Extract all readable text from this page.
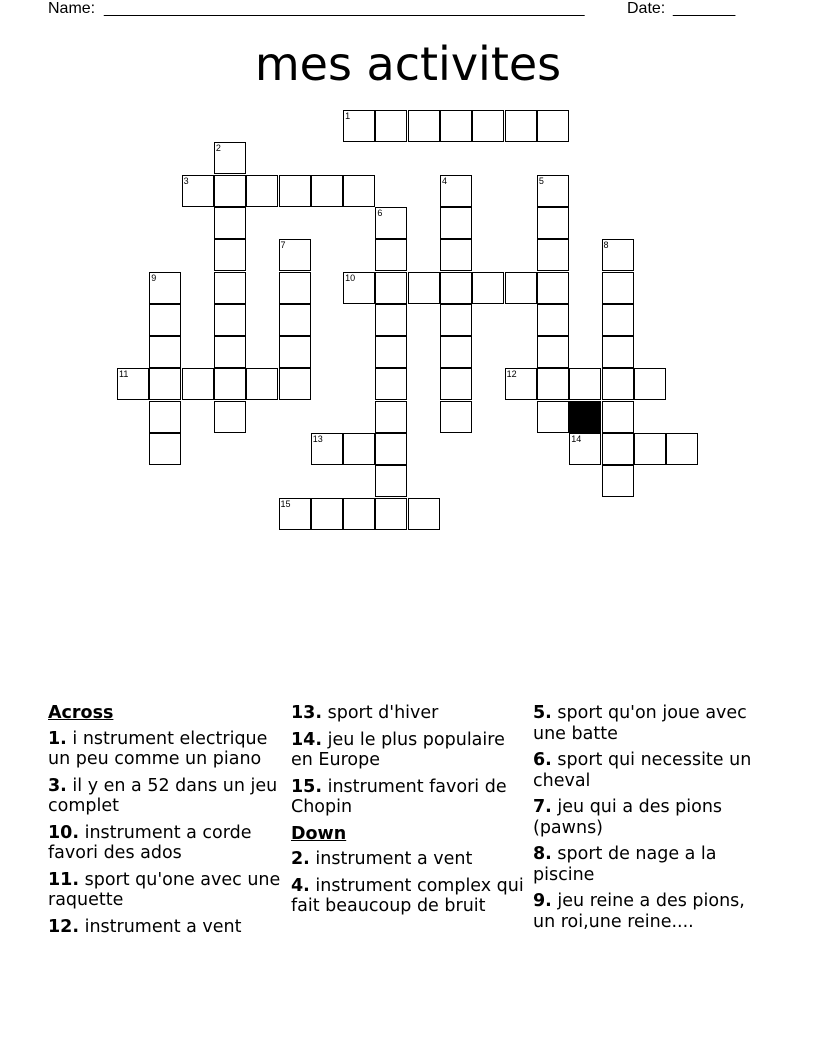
Name: ______________________________________________________	Date: _______
mes activites
1
3
10
11	12
13	14
15
2
4	5
6
7	8
9
Across
1. i nstrument electrique un peu comme un piano
3. il y en a 52 dans un jeu complet
10. instrument a corde favori des ados
11. sport qu'one avec une raquette
12. instrument a vent
13. sport d'hiver
14. jeu le plus populaire en Europe
15. instrument favori de Chopin
Down
2. instrument a vent
4. instrument complex qui fait beaucoup de bruit
5. sport qu'on joue avec une batte
6. sport qui necessite un cheval
7. jeu qui a des pions (pawns)
8. sport de nage a la piscine
9. jeu reine a des pions, un roi,une reine....
